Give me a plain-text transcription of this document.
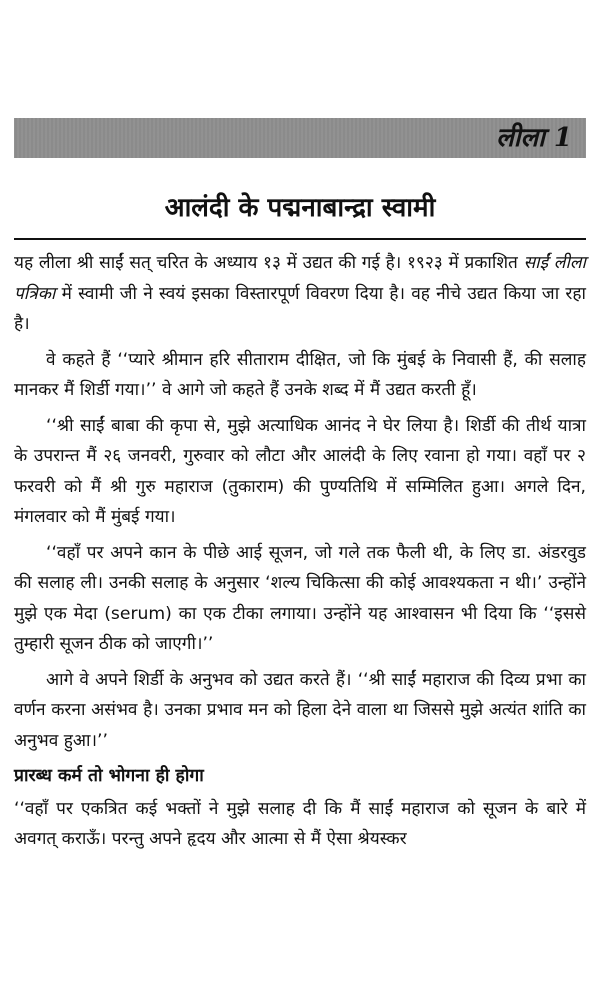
लीला 1
आलंदी के पद्मनाबान्द्रा स्वामी

यह लीला श्री साईं सत् चरित के अध्याय १३ में उद्यत की गई है। १९२३ में प्रकाशित साईं लीला पत्रिका में स्वामी जी ने स्वयं इसका विस्तारपूर्ण विवरण दिया है। वह नीचे उद्यत किया जा रहा है।

वे कहते हैं ‘‘प्यारे श्रीमान हरि सीताराम दीक्षित, जो कि मुंबई के निवासी हैं, की सलाह मानकर मैं शिर्डी गया।’’ वे आगे जो कहते हैं उनके शब्द में मैं उद्यत करती हूँ।

‘‘श्री साईं बाबा की कृपा से, मुझे अत्याधिक आनंद ने घेर लिया है। शिर्डी की तीर्थ यात्रा के उपरान्त मैं २६ जनवरी, गुरुवार को लौटा और आलंदी के लिए रवाना हो गया। वहाँ पर २ फरवरी को मैं श्री गुरु महाराज (तुकाराम) की पुण्यतिथि में सम्मिलित हुआ। अगले दिन, मंगलवार को मैं मुंबई गया।

‘‘वहाँ पर अपने कान के पीछे आई सूजन, जो गले तक फैली थी, के लिए डा. अंडरवुड की सलाह ली। उनकी सलाह के अनुसार ‘शल्य चिकित्सा की कोई आवश्यकता न थी।’ उन्होंने मुझे एक मेदा (serum) का एक टीका लगाया। उन्होंने यह आश्वासन भी दिया कि ‘‘इससे तुम्हारी सूजन ठीक को जाएगी।’’

आगे वे अपने शिर्डी के अनुभव को उद्यत करते हैं। ‘‘श्री साईं महाराज की दिव्य प्रभा का वर्णन करना असंभव है। उनका प्रभाव मन को हिला देने वाला था जिससे मुझे अत्यंत शांति का अनुभव हुआ।’’

प्रारब्ध कर्म तो भोगना ही होगा

‘‘वहाँ पर एकत्रित कई भक्तों ने मुझे सलाह दी कि मैं साईं महाराज को सूजन के बारे में अवगत् कराऊँ। परन्तु अपने हृदय और आत्मा से मैं ऐसा श्रेयस्कर
